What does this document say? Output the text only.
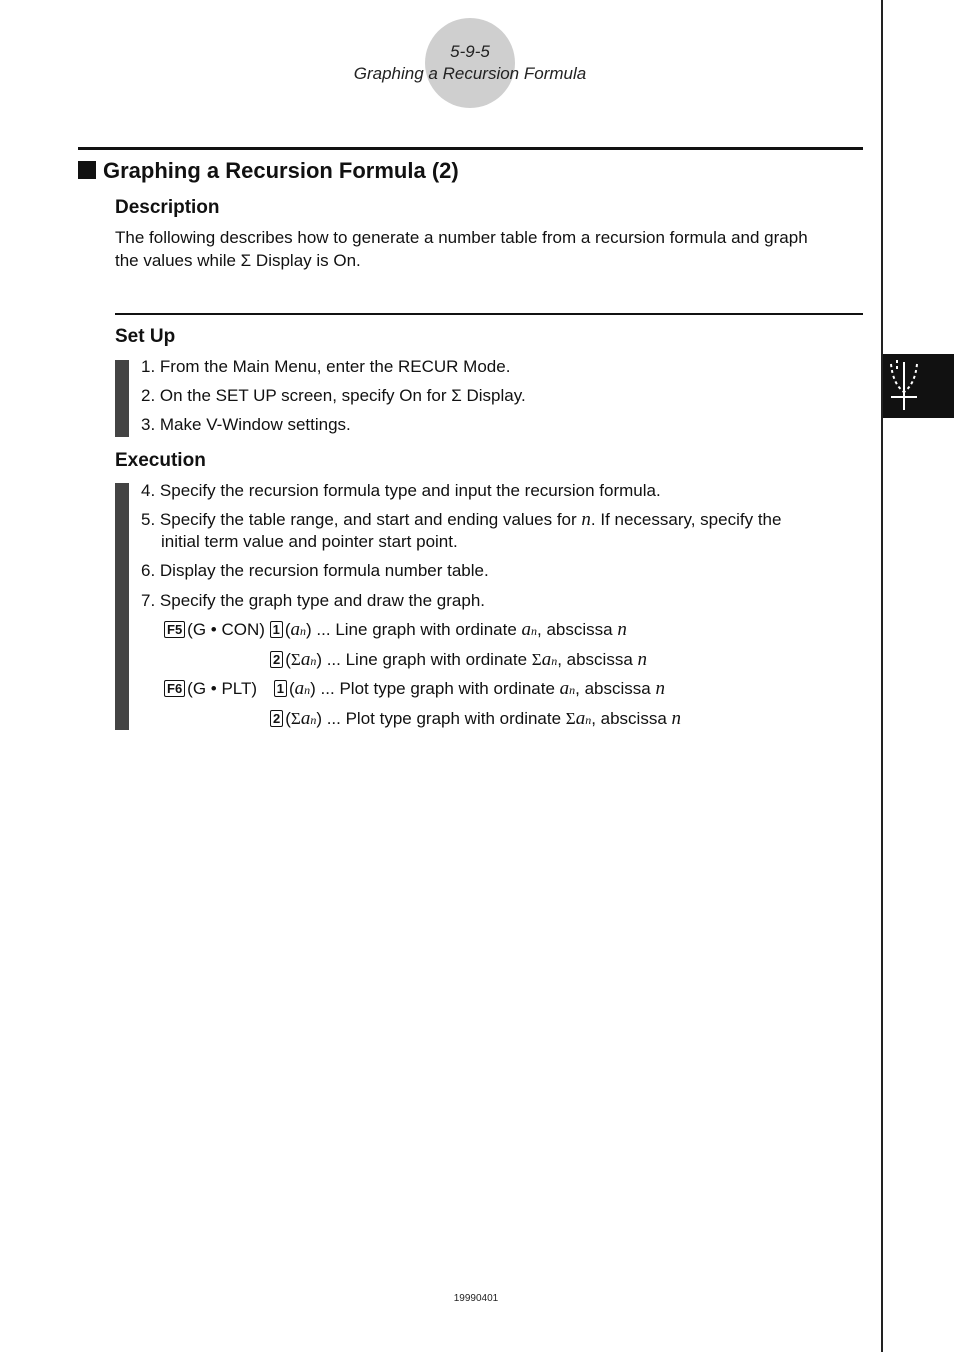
5-9-5
Graphing a Recursion Formula
Graphing a Recursion Formula (2)
Description
The following describes how to generate a number table from a recursion formula and graph
the values while Σ Display is On.
Set Up
1. From the Main Menu, enter the RECUR Mode.
2. On the SET UP screen, specify On for Σ Display.
3. Make V-Window settings.
Execution
4. Specify the recursion formula type and input the recursion formula.
5. Specify the table range, and start and ending values for n. If necessary, specify the
initial term value and pointer start point.
6. Display the recursion formula number table.
7. Specify the graph type and draw the graph.
F5 (G • CON) 1 (an) ... Line graph with ordinate an, abscissa n
2 (Σan) ... Line graph with ordinate Σan, abscissa n
F6 (G • PLT) 1 (an) ... Plot type graph with ordinate an, abscissa n
2 (Σan) ... Plot type graph with ordinate Σan, abscissa n
19990401
